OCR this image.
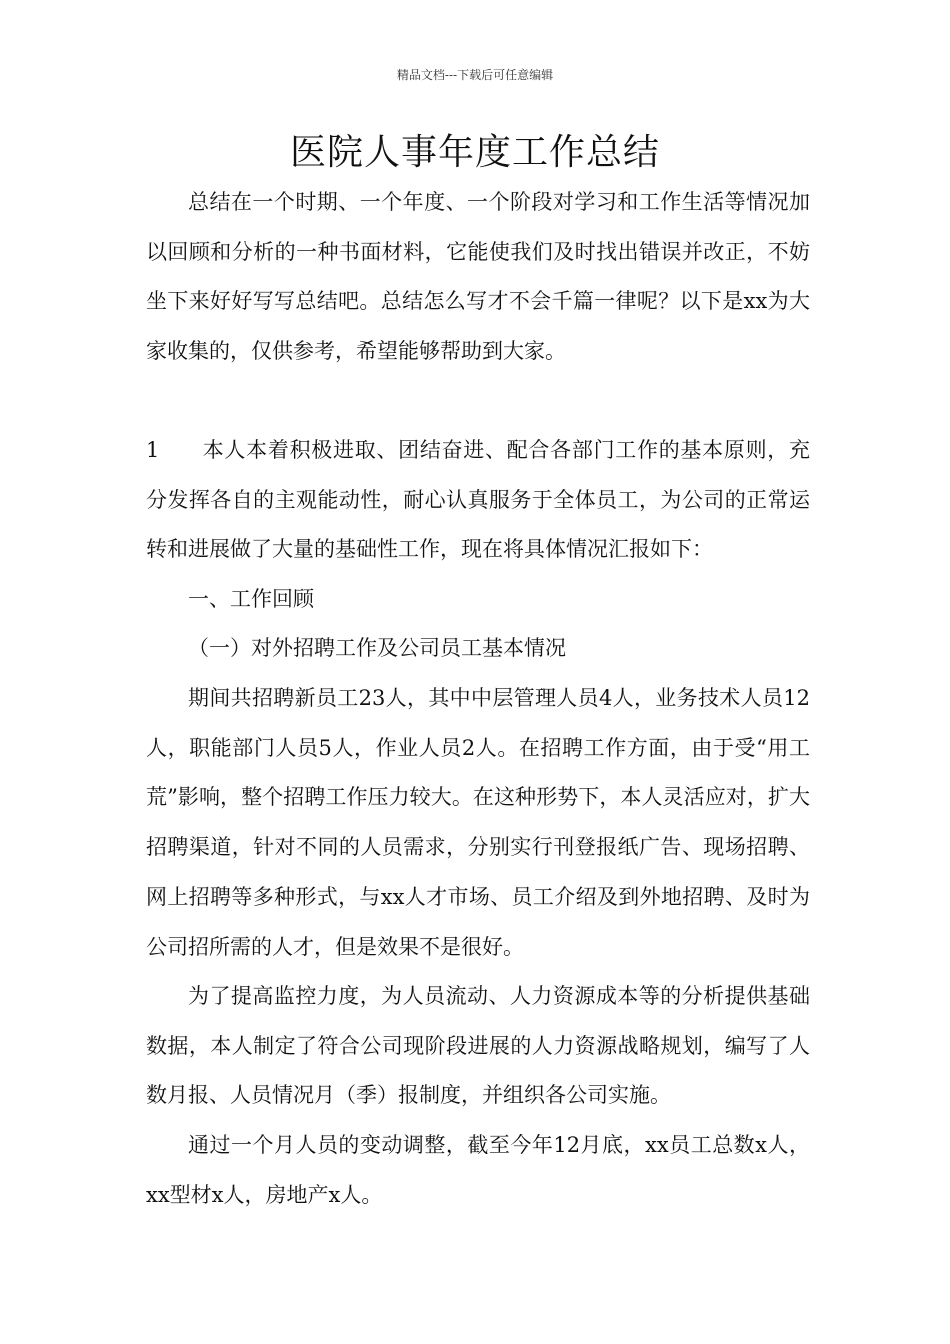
精品文档---下载后可任意编辑
医院人事年度工作总结

总结在一个时期、一个年度、一个阶段对学习和工作生活等情况加以回顾和分析的一种书面材料，它能使我们及时找出错误并改正，不妨坐下来好好写写总结吧。总结怎么写才不会千篇一律呢？以下是xx为大家收集的，仅供参考，希望能够帮助到大家。

1 本人本着积极进取、团结奋进、配合各部门工作的基本原则，充分发挥各自的主观能动性，耐心认真服务于全体员工，为公司的正常运转和进展做了大量的基础性工作，现在将具体情况汇报如下：

一、工作回顾

（一）对外招聘工作及公司员工基本情况

期间共招聘新员工23人，其中中层管理人员4人，业务技术人员12人，职能部门人员5人，作业人员2人。在招聘工作方面，由于受“用工荒”影响，整个招聘工作压力较大。在这种形势下，本人灵活应对，扩大招聘渠道，针对不同的人员需求，分别实行刊登报纸广告、现场招聘、网上招聘等多种形式，与xx人才市场、员工介绍及到外地招聘、及时为公司招所需的人才，但是效果不是很好。

为了提高监控力度，为人员流动、人力资源成本等的分析提供基础数据，本人制定了符合公司现阶段进展的人力资源战略规划，编写了人数月报、人员情况月（季）报制度，并组织各公司实施。

通过一个月人员的变动调整，截至今年12月底，xx员工总数x人，xx型材x人，房地产x人。
